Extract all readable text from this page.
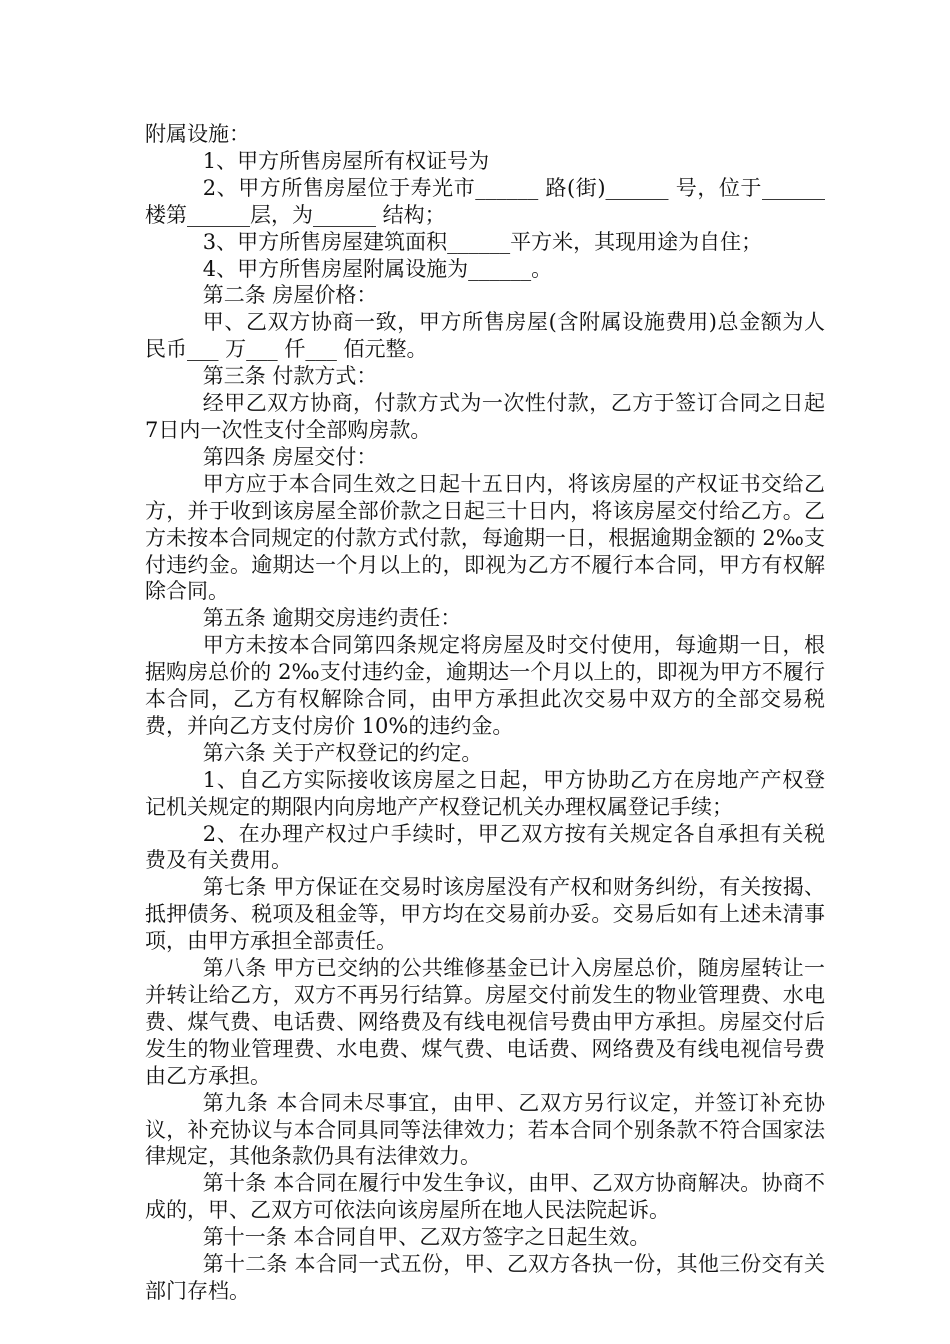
附属设施：

1、甲方所售房屋所有权证号为

2、甲方所售房屋位于寿光市______ 路(街)______ 号，位于______楼第______层，为______ 结构；

3、甲方所售房屋建筑面积______平方米，其现用途为自住；

4、甲方所售房屋附属设施为______。

第二条 房屋价格：

甲、乙双方协商一致，甲方所售房屋(含附属设施费用)总金额为人民币___ 万___ 仟___ 佰元整。

第三条 付款方式：

经甲乙双方协商，付款方式为一次性付款，乙方于签订合同之日起7日内一次性支付全部购房款。

第四条 房屋交付：

甲方应于本合同生效之日起十五日内，将该房屋的产权证书交给乙方，并于收到该房屋全部价款之日起三十日内，将该房屋交付给乙方。乙方未按本合同规定的付款方式付款，每逾期一日，根据逾期金额的 2‰支付违约金。逾期达一个月以上的，即视为乙方不履行本合同，甲方有权解除合同。

第五条 逾期交房违约责任：

甲方未按本合同第四条规定将房屋及时交付使用，每逾期一日，根据购房总价的 2‰支付违约金，逾期达一个月以上的，即视为甲方不履行本合同，乙方有权解除合同，由甲方承担此次交易中双方的全部交易税费，并向乙方支付房价 10%的违约金。

第六条 关于产权登记的约定。

1、自乙方实际接收该房屋之日起，甲方协助乙方在房地产产权登记机关规定的期限内向房地产产权登记机关办理权属登记手续；

2、在办理产权过户手续时，甲乙双方按有关规定各自承担有关税费及有关费用。

第七条 甲方保证在交易时该房屋没有产权和财务纠纷，有关按揭、抵押债务、税项及租金等，甲方均在交易前办妥。交易后如有上述未清事项，由甲方承担全部责任。

第八条 甲方已交纳的公共维修基金已计入房屋总价，随房屋转让一并转让给乙方，双方不再另行结算。房屋交付前发生的物业管理费、水电费、煤气费、电话费、网络费及有线电视信号费由甲方承担。房屋交付后发生的物业管理费、水电费、煤气费、电话费、网络费及有线电视信号费由乙方承担。

第九条 本合同未尽事宜，由甲、乙双方另行议定，并签订补充协议，补充协议与本合同具同等法律效力；若本合同个别条款不符合国家法律规定，其他条款仍具有法律效力。

第十条 本合同在履行中发生争议，由甲、乙双方协商解决。协商不成的，甲、乙双方可依法向该房屋所在地人民法院起诉。

第十一条 本合同自甲、乙双方签字之日起生效。

第十二条 本合同一式五份，甲、乙双方各执一份，其他三份交有关部门存档。
